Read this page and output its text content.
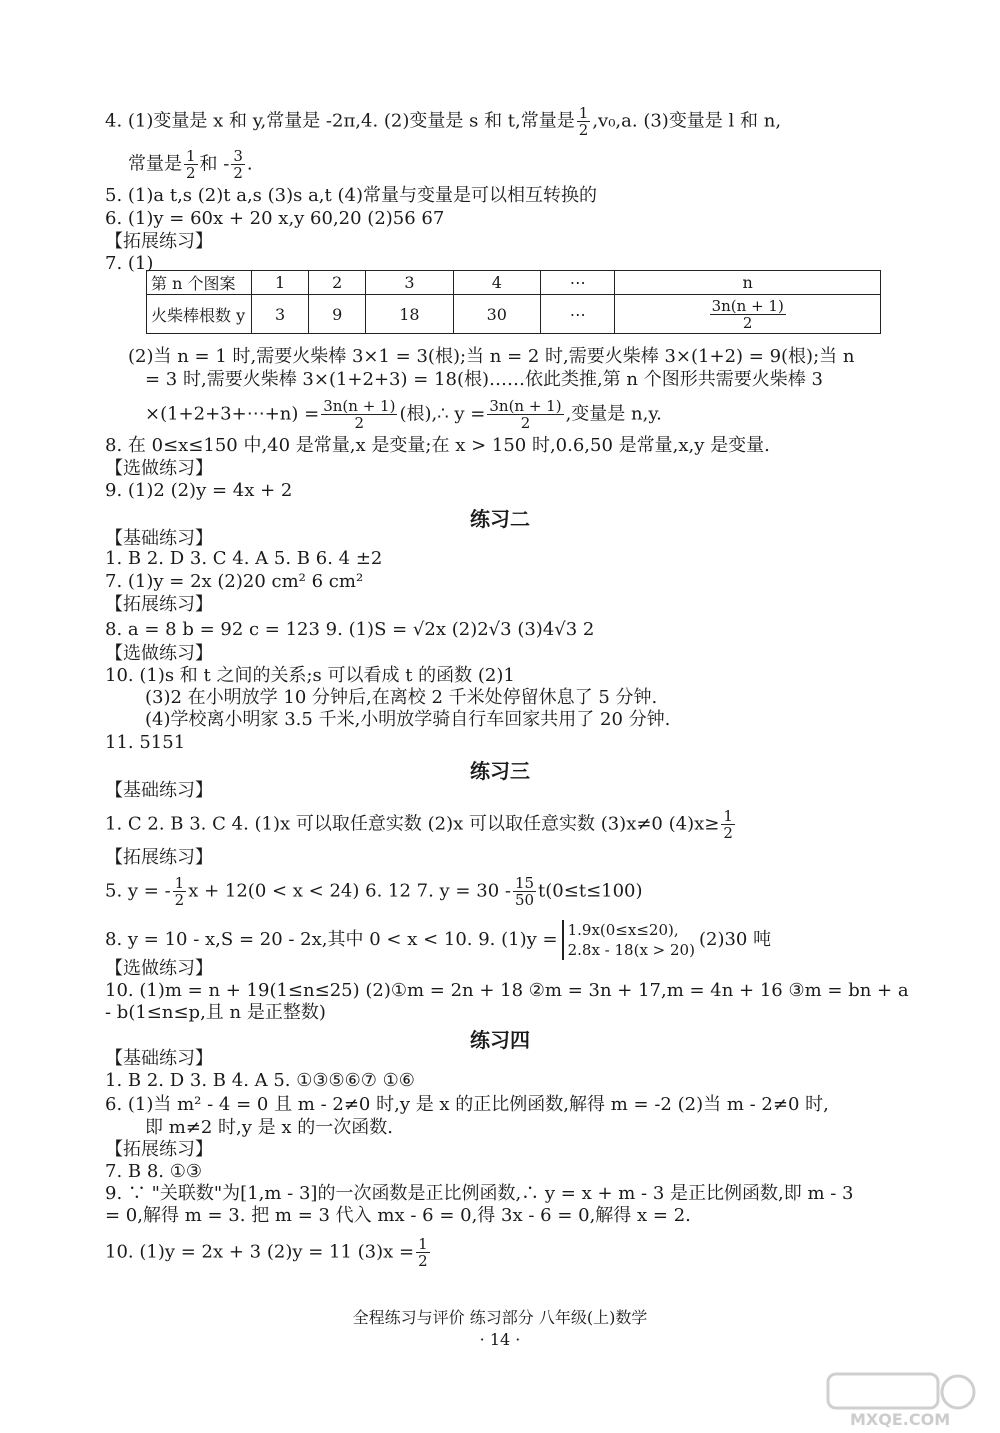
4. (1)变量是 x 和 y,常量是 -2π,4. (2)变量是 s 和 t,常量是 $\frac{1}{2} ,v_0,a$. (3)变量是 l 和 n,
常量是 $\frac{1}{2}$ 和 - $\frac{3}{2}$ .
5. (1)a t,s (2)t a,s (3)s a,t (4)常量与变量是可以相互转换的
6. (1)y = 60x + 20 x,y 60,20 (2)56 67
【拓展练习】
7. (1)
第 n 个图案	1	2	3	4	⋯	n
火柴棒根数 y	3	9	18	30	⋯	$\frac{3n(n + 1)}{2}$
(2)当 n = 1 时,需要火柴棒 3×1 = 3(根);当 n = 2 时,需要火柴棒 3×(1+2) = 9(根);当 n
= 3 时,需要火柴棒 3×(1+2+3) = 18(根)……依此类推,第 n 个图形共需要火柴棒 3
×(1+2+3+⋯+n) = $\frac{3n(n + 1)}{2}$ (根),∴ $y = \frac{3n(n + 1)}{2}$ ,变量是 n,y.
8. 在 0≤x≤150 中,40 是常量,x 是变量;在 x > 150 时,0.6,50 是常量,x,y 是变量.
【选做练习】
9. (1)2 (2)y = 4x + 2
练习二
【基础练习】
1. B 2. D 3. C 4. A 5. B 6. 4 ±2
7. (1)y = 2x (2)20 cm² 6 cm²
【拓展练习】
8. a = 8 b = 92 c = 123 9. (1)S = √2x (2)2√3 (3)4√3 2
【选做练习】
10. (1)s 和 t 之间的关系;s 可以看成 t 的函数 (2)1
(3)2 在小明放学 10 分钟后,在离校 2 千米处停留休息了 5 分钟.
(4)学校离小明家 3.5 千米,小明放学骑自行车回家共用了 20 分钟.
11. 5151
练习三
【基础练习】
1. C 2. B 3. C 4. (1)x 可以取任意实数 (2)x 可以取任意实数 (3)x≠0 $(4)x\ge \frac{1}{2}$
【拓展练习】
5. y = - $\frac{1}{2}$ x + 12(0 < x < 24) 6. 12 7. $y = 30 - \frac{15}{50} t(0\le t\le 100)$
8. y = 10 - x,S = 20 - 2x,其中 0 < x < 10. 9. (1)y = 1.9x(0≤x≤20),
2.8x - 18(x > 20) (2)30 吨
【选做练习】
10. (1)m = n + 19(1≤n≤25) (2)①m = 2n + 18 ②m = 3n + 17,m = 4n + 16 ③m = bn + a
- b(1≤n≤p,且 n 是正整数)
练习四
【基础练习】
1. B 2. D 3. B 4. A 5. ①③⑤⑥⑦ ①⑥
6. (1)当 m² - 4 = 0 且 m - 2≠0 时,y 是 x 的正比例函数,解得 m = -2 (2)当 m - 2≠0 时,
即 m≠2 时,y 是 x 的一次函数.
【拓展练习】
7. B 8. ①③
9. ∵ "关联数"为[1,m - 3]的一次函数是正比例函数,∴ y = x + m - 3 是正比例函数,即 m - 3
= 0,解得 m = 3. 把 m = 3 代入 mx - 6 = 0,得 3x - 6 = 0,解得 x = 2.
10. (1)y = 2x + 3 (2)y = 11 $(3)x = \frac{1}{2}$
全程练习与评价 练习部分 八年级(上)数学
· 14 ·
MXQE.COM
